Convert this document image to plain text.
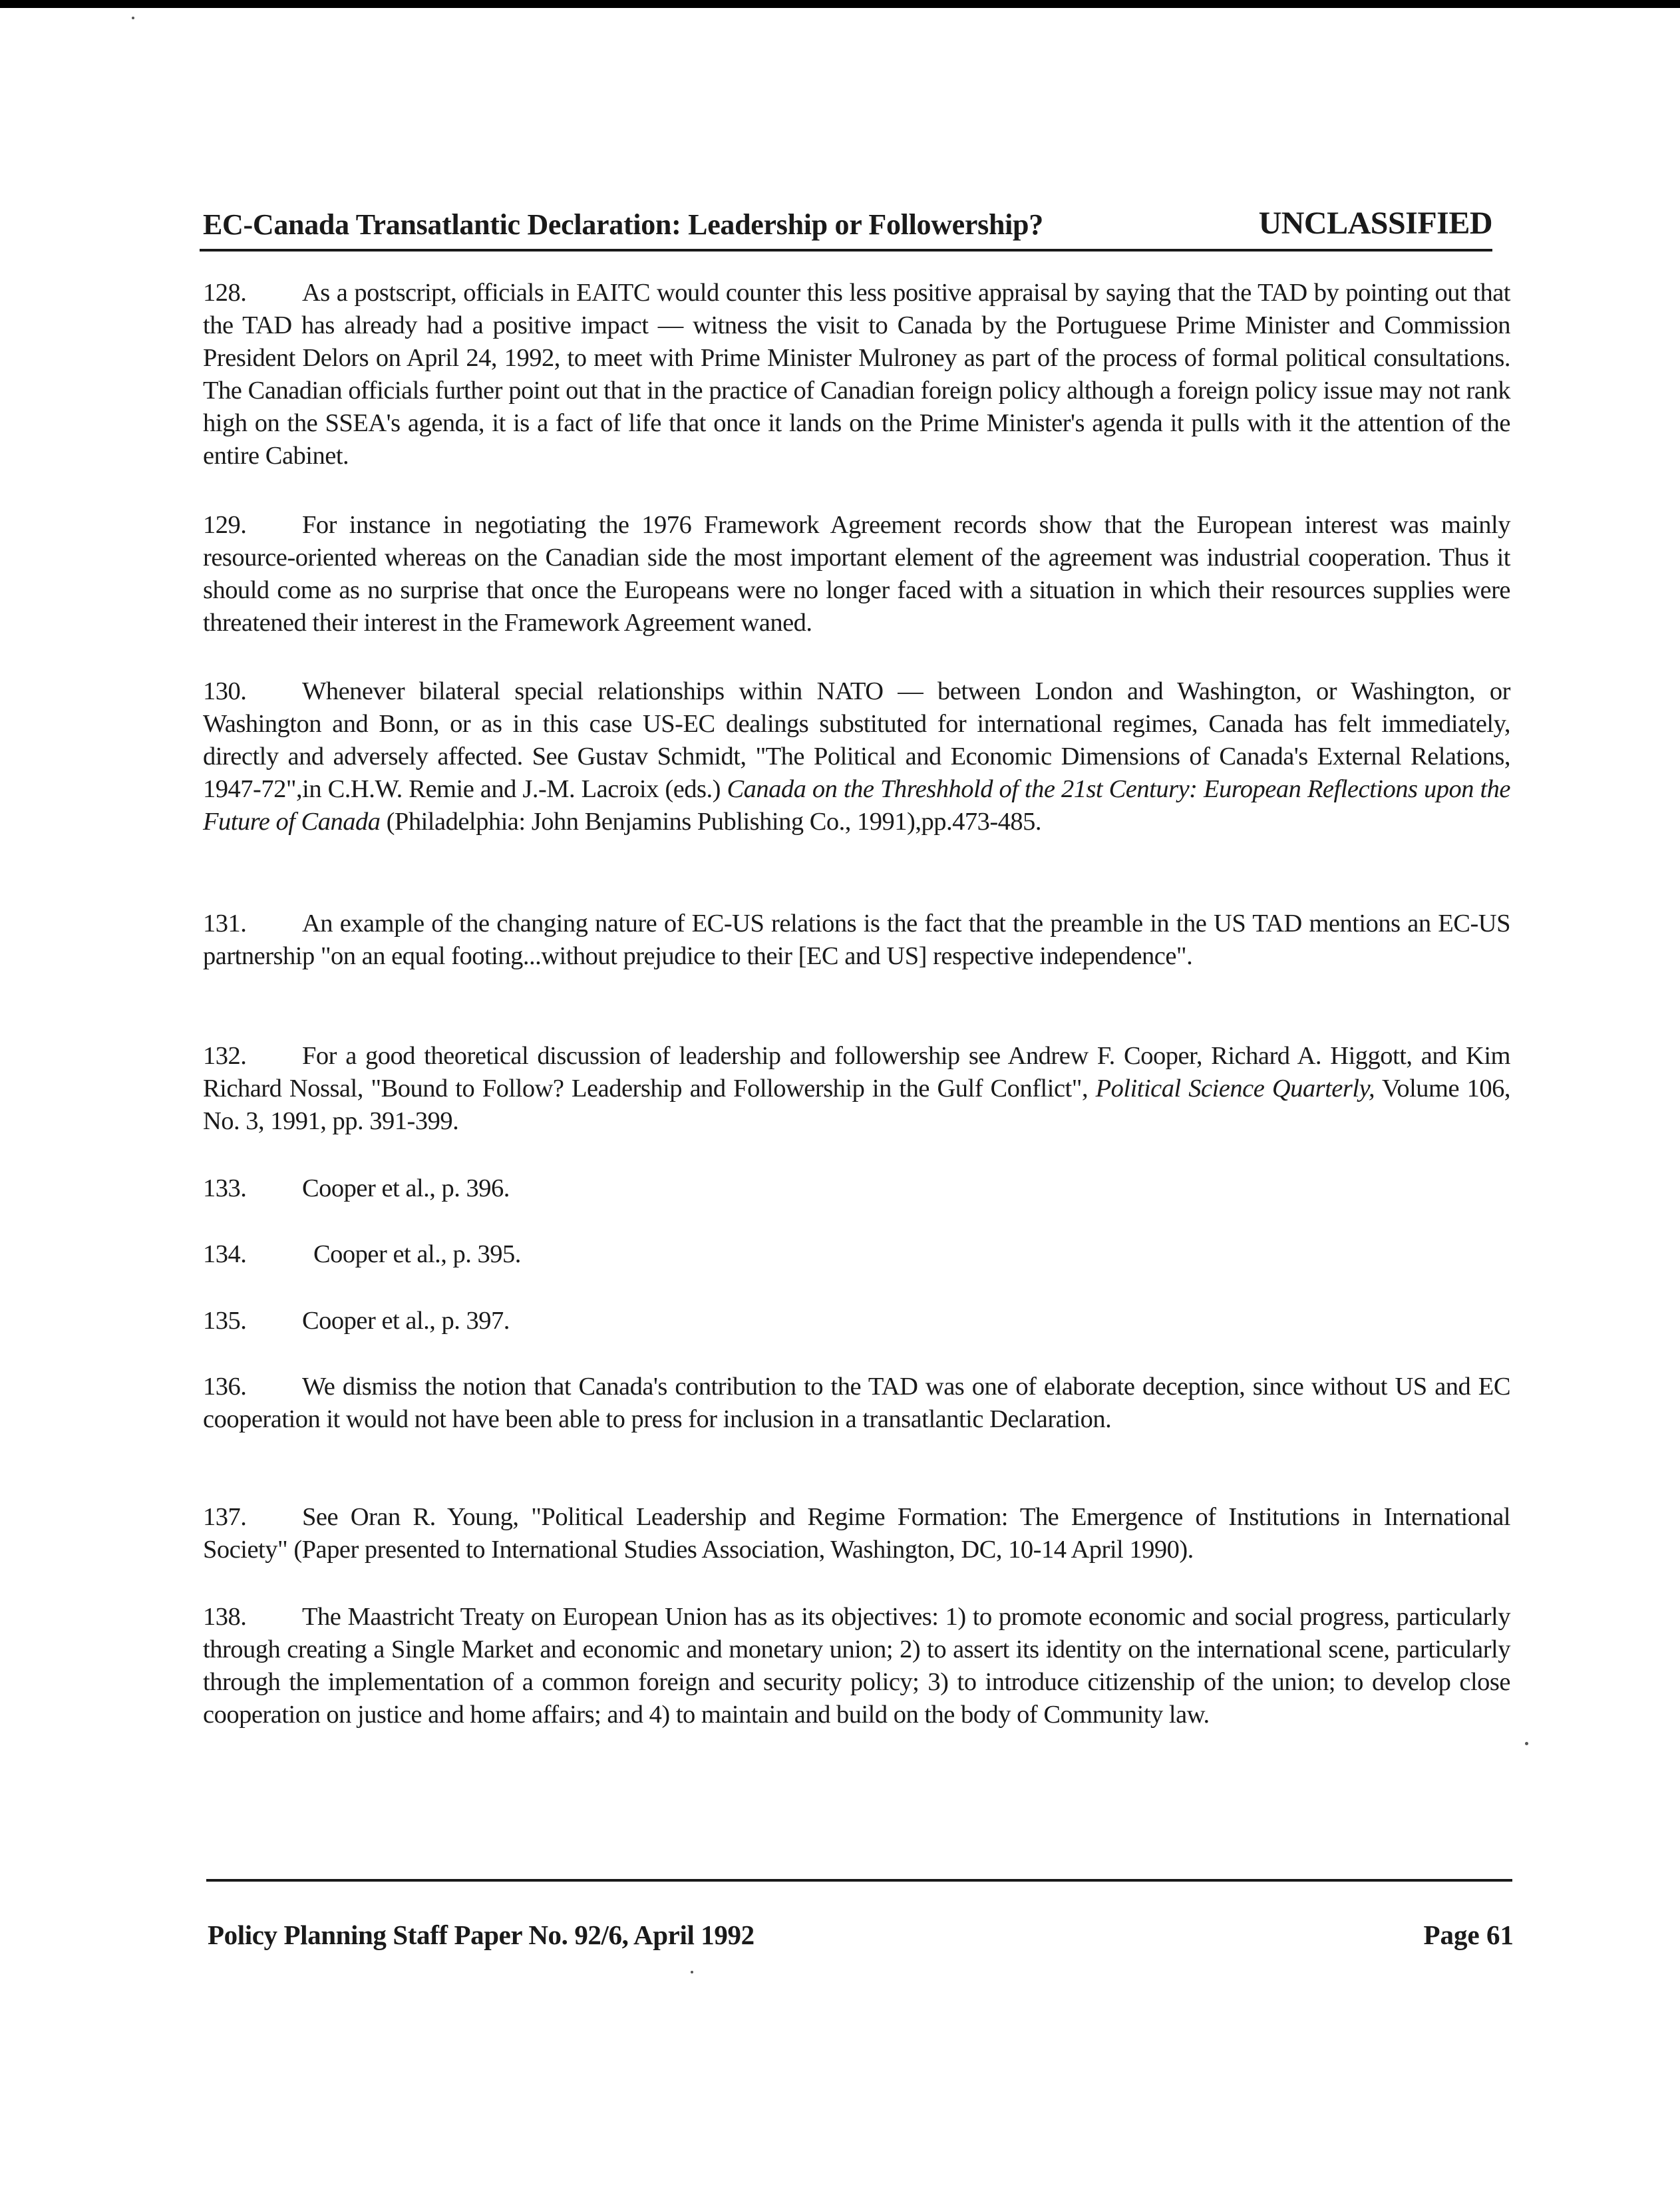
EC-Canada Transatlantic Declaration: Leadership or Followership?	UNCLASSIFIED

128. As a postscript, officials in EAITC would counter this less positive appraisal by saying that the TAD by pointing out that the TAD has already had a positive impact — witness the visit to Canada by the Portuguese Prime Minister and Commission President Delors on April 24, 1992, to meet with Prime Minister Mulroney as part of the process of formal political consultations. The Canadian officials further point out that in the practice of Canadian foreign policy although a foreign policy issue may not rank high on the SSEA's agenda, it is a fact of life that once it lands on the Prime Minister's agenda it pulls with it the attention of the entire Cabinet.

129. For instance in negotiating the 1976 Framework Agreement records show that the European interest was mainly resource-oriented whereas on the Canadian side the most important element of the agreement was industrial cooperation. Thus it should come as no surprise that once the Europeans were no longer faced with a situation in which their resources supplies were threatened their interest in the Framework Agreement waned.

130. Whenever bilateral special relationships within NATO — between London and Washington, or Washington, or Washington and Bonn, or as in this case US-EC dealings substituted for international regimes, Canada has felt immediately, directly and adversely affected. See Gustav Schmidt, "The Political and Economic Dimensions of Canada's External Relations, 1947-72",in C.H.W. Remie and J.-M. Lacroix (eds.) Canada on the Threshhold of the 21st Century: European Reflections upon the Future of Canada (Philadelphia: John Benjamins Publishing Co., 1991),pp.473-485.

131. An example of the changing nature of EC-US relations is the fact that the preamble in the US TAD mentions an EC-US partnership "on an equal footing...without prejudice to their [EC and US] respective independence".

132. For a good theoretical discussion of leadership and followership see Andrew F. Cooper, Richard A. Higgott, and Kim Richard Nossal, "Bound to Follow? Leadership and Followership in the Gulf Conflict", Political Science Quarterly, Volume 106, No. 3, 1991, pp. 391-399.

133. Cooper et al., p. 396.

134.	Cooper et al., p. 395.

135. Cooper et al., p. 397.

136. We dismiss the notion that Canada's contribution to the TAD was one of elaborate deception, since without US and EC cooperation it would not have been able to press for inclusion in a transatlantic Declaration.

137. See Oran R. Young, "Political Leadership and Regime Formation: The Emergence of Institutions in International Society" (Paper presented to International Studies Association, Washington, DC, 10-14 April 1990).

138. The Maastricht Treaty on European Union has as its objectives: 1) to promote economic and social progress, particularly through creating a Single Market and economic and monetary union; 2) to assert its identity on the international scene, particularly through the implementation of a common foreign and security policy; 3) to introduce citizenship of the union; to develop close cooperation on justice and home affairs; and 4) to maintain and build on the body of Community law.

Policy Planning Staff Paper No. 92/6, April 1992	Page 61
